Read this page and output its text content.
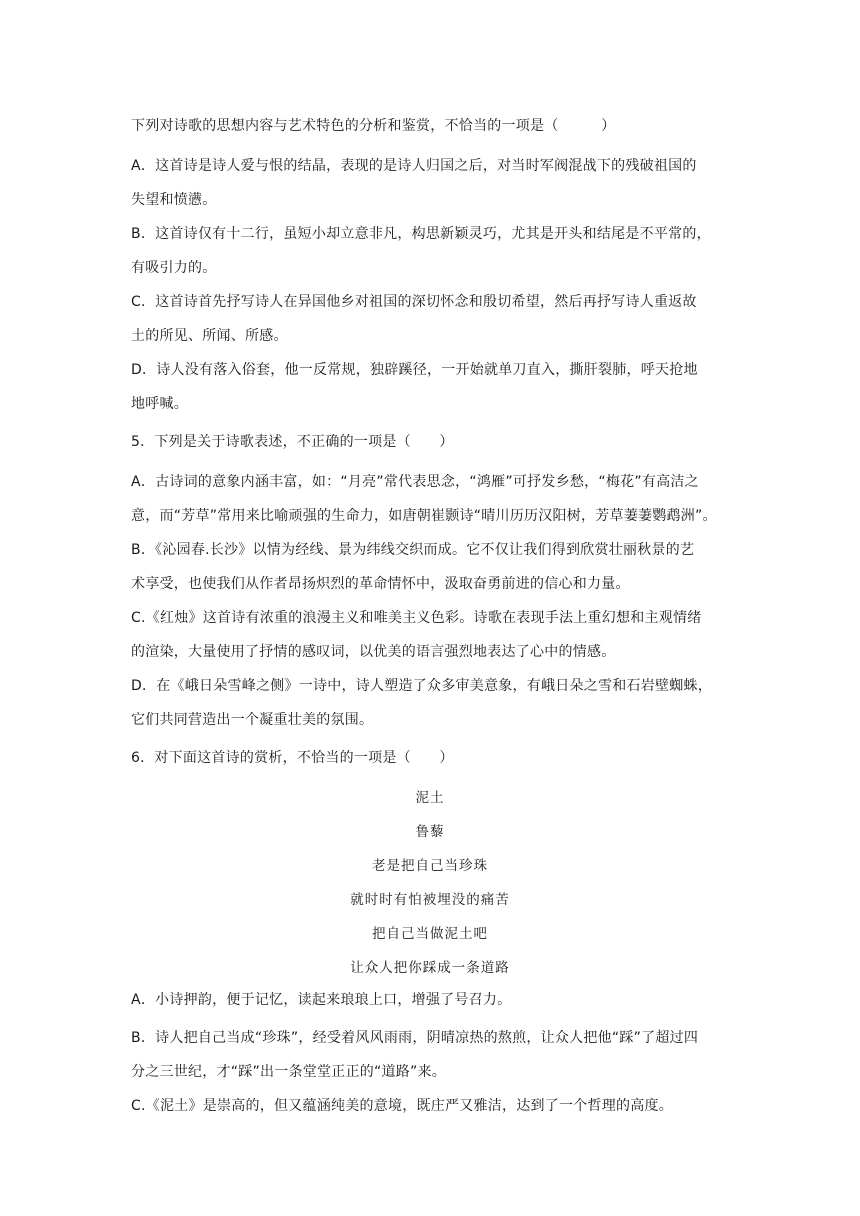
下列对诗歌的思想内容与艺术特色的分析和鉴赏，不恰当的一项是（　　　）
A．这首诗是诗人爱与恨的结晶，表现的是诗人归国之后，对当时军阀混战下的残破祖国的
失望和愤懑。
B．这首诗仅有十二行，虽短小却立意非凡，构思新颖灵巧，尤其是开头和结尾是不平常的，
有吸引力的。
C．这首诗首先抒写诗人在异国他乡对祖国的深切怀念和殷切希望，然后再抒写诗人重返故
土的所见、所闻、所感。
D．诗人没有落入俗套，他一反常规，独辟蹊径，一开始就单刀直入，撕肝裂肺，呼天抢地
地呼喊。
5．下列是关于诗歌表述，不正确的一项是（　　）
A．古诗词的意象内涵丰富，如：“月亮”常代表思念，“鸿雁”可抒发乡愁，“梅花”有高洁之
意，而“芳草”常用来比喻顽强的生命力，如唐朝崔颢诗“晴川历历汉阳树，芳草萋萋鹦鹉洲”。
B．《沁园春.长沙》以情为经线、景为纬线交织而成。它不仅让我们得到欣赏壮丽秋景的艺
术享受，也使我们从作者昂扬炽烈的革命情怀中，汲取奋勇前进的信心和力量。
C.《红烛》这首诗有浓重的浪漫主义和唯美主义色彩。诗歌在表现手法上重幻想和主观情绪
的渲染，大量使用了抒情的感叹词，以优美的语言强烈地表达了心中的情感。
D．在《峨日朵雪峰之侧》一诗中，诗人塑造了众多审美意象，有峨日朵之雪和石岩壁蜘蛛，
它们共同营造出一个凝重壮美的氛围。
6．对下面这首诗的赏析，不恰当的一项是（　　）
泥土
鲁藜
老是把自己当珍珠
就时时有怕被埋没的痛苦
把自己当做泥土吧
让众人把你踩成一条道路
A．小诗押韵，便于记忆，读起来琅琅上口，增强了号召力。
B．诗人把自己当成“珍珠”，经受着风风雨雨，阴晴凉热的熬煎，让众人把他“踩”了超过四
分之三世纪，才“踩”出一条堂堂正正的“道路”来。
C.《泥土》是崇高的，但又蕴涵纯美的意境，既庄严又雅洁，达到了一个哲理的高度。
